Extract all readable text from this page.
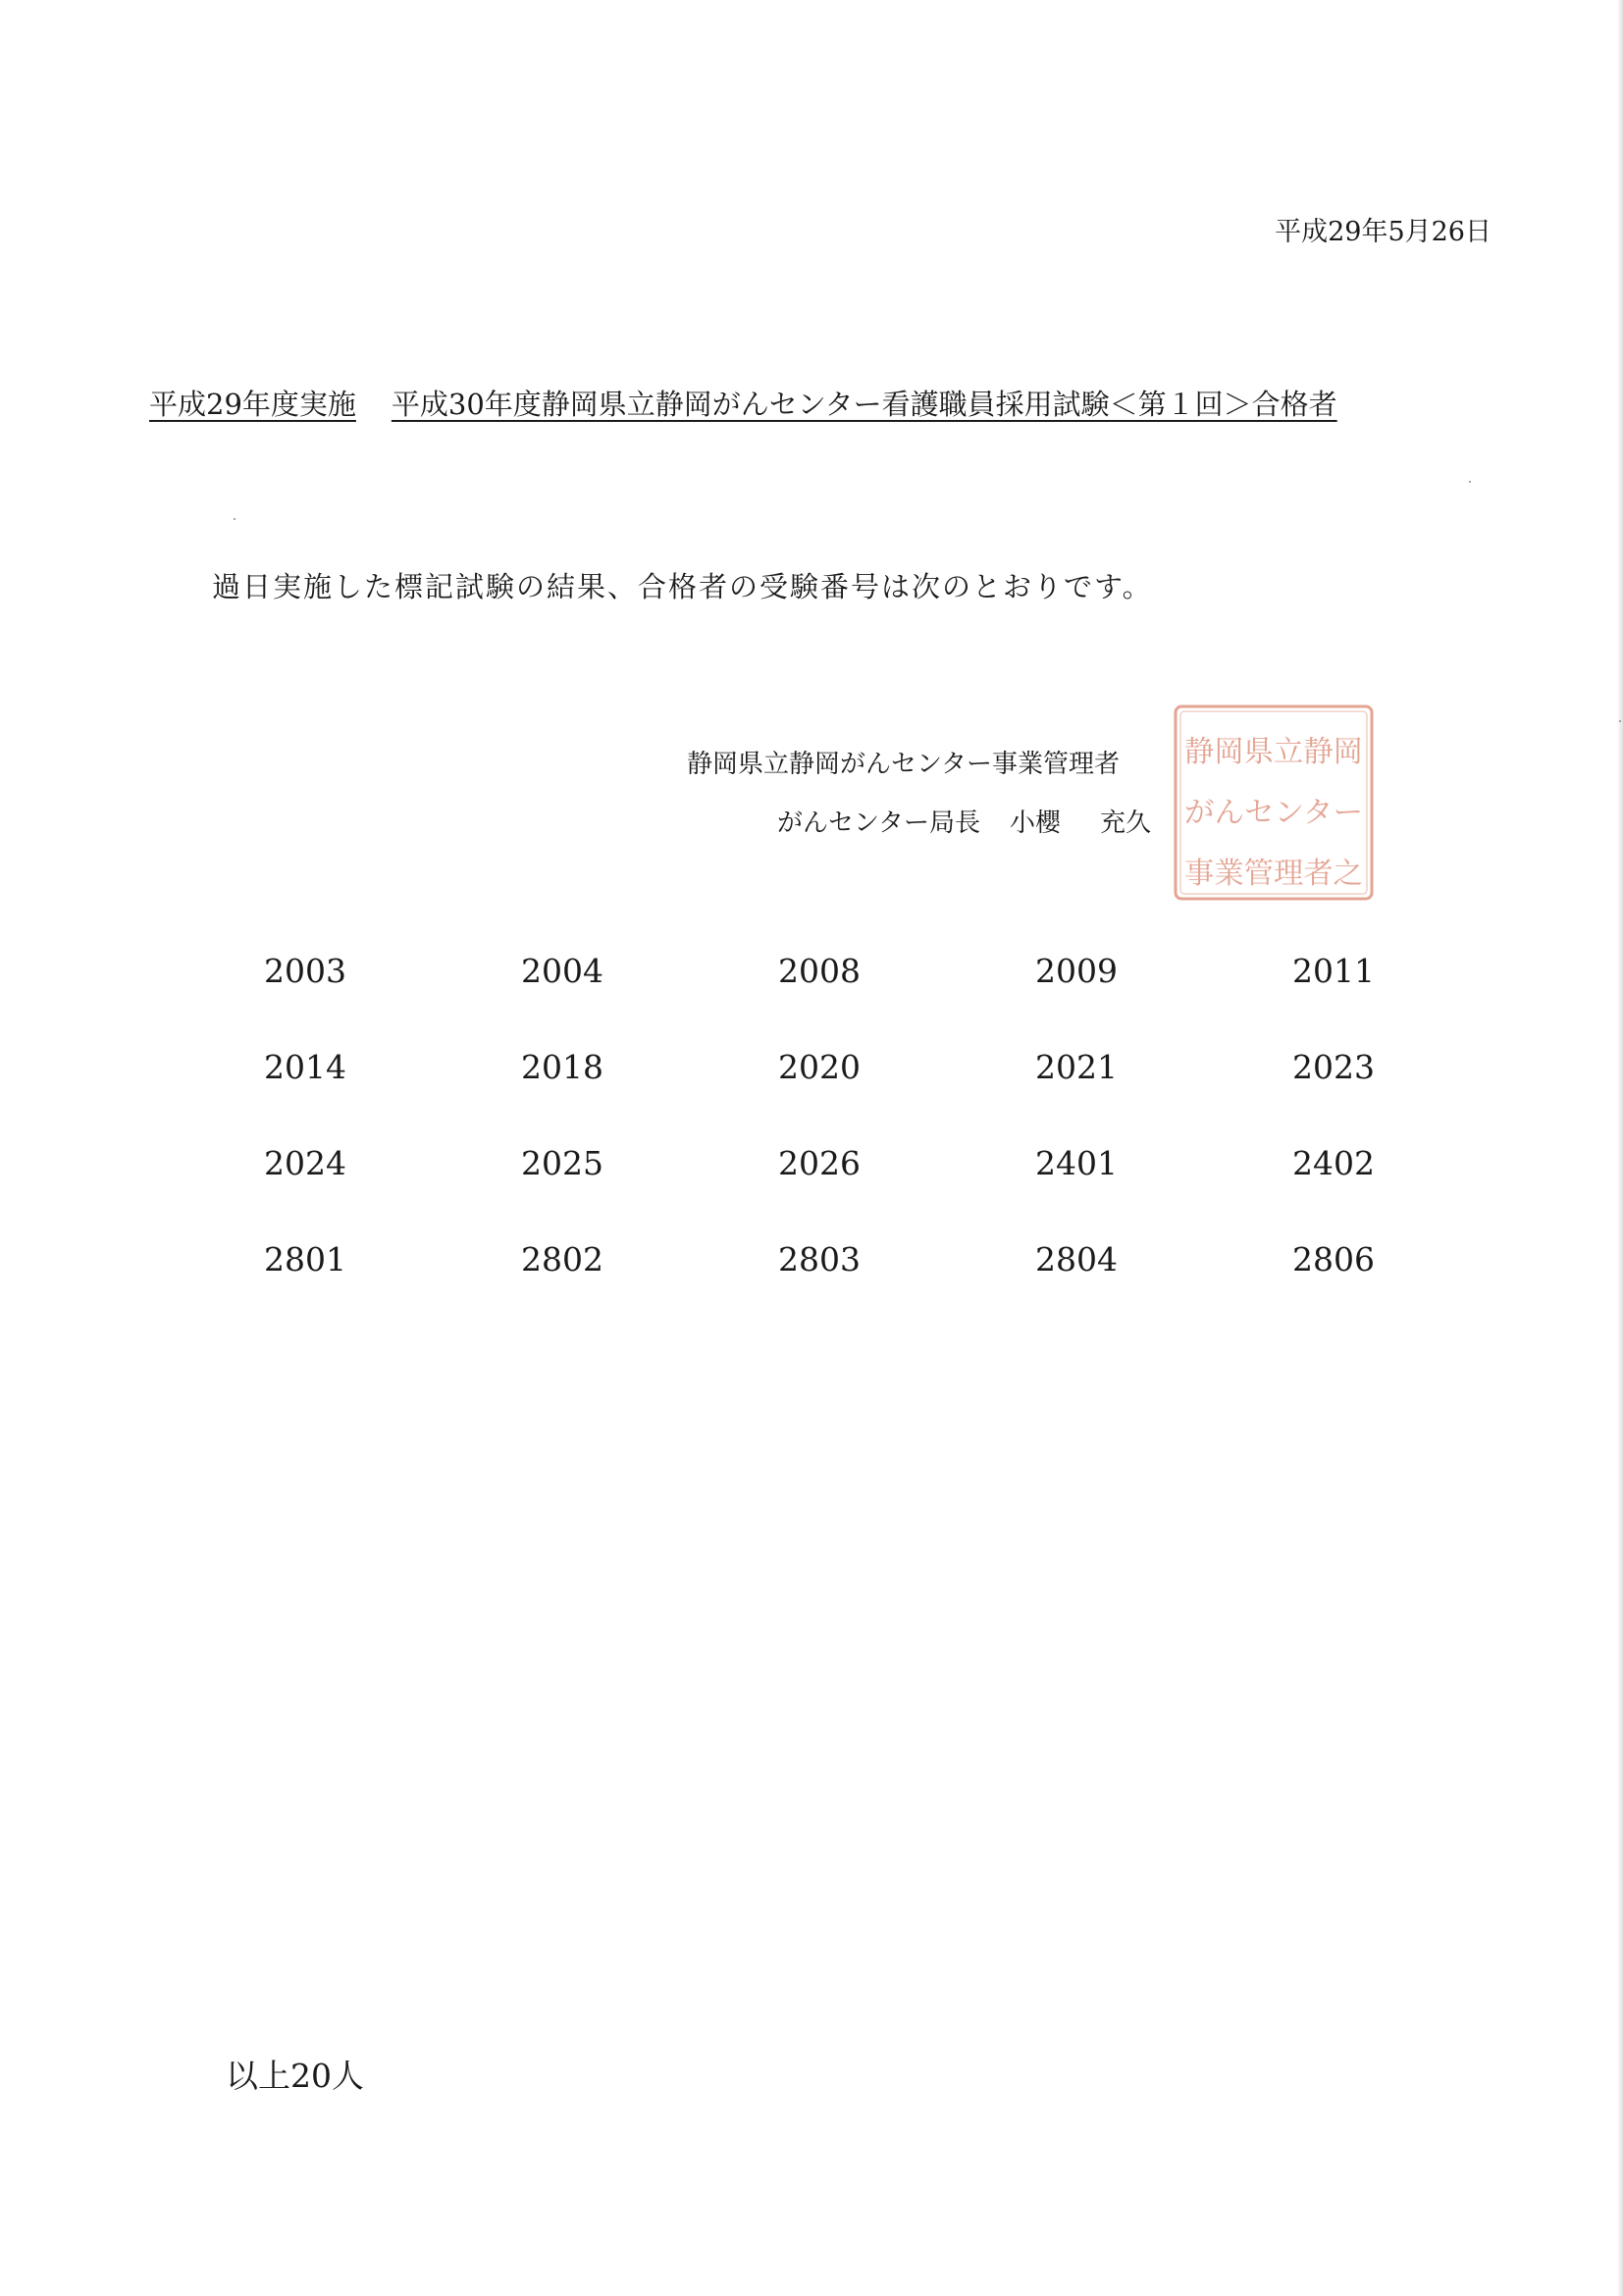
平成29年5月26日
平成29年度実施 平成30年度静岡県立静岡がんセンター看護職員採用試験＜第１回＞合格者
過日実施した標記試験の結果、合格者の受験番号は次のとおりです。
静岡県立静岡がんセンター事業管理者
がんセンター局長 小櫻 充久
静岡県立静岡
がんセンター
事業管理者之
2003	2004	2008	2009	2011
2014	2018	2020	2021	2023
2024	2025	2026	2401	2402
2801	2802	2803	2804	2806
以上20人
